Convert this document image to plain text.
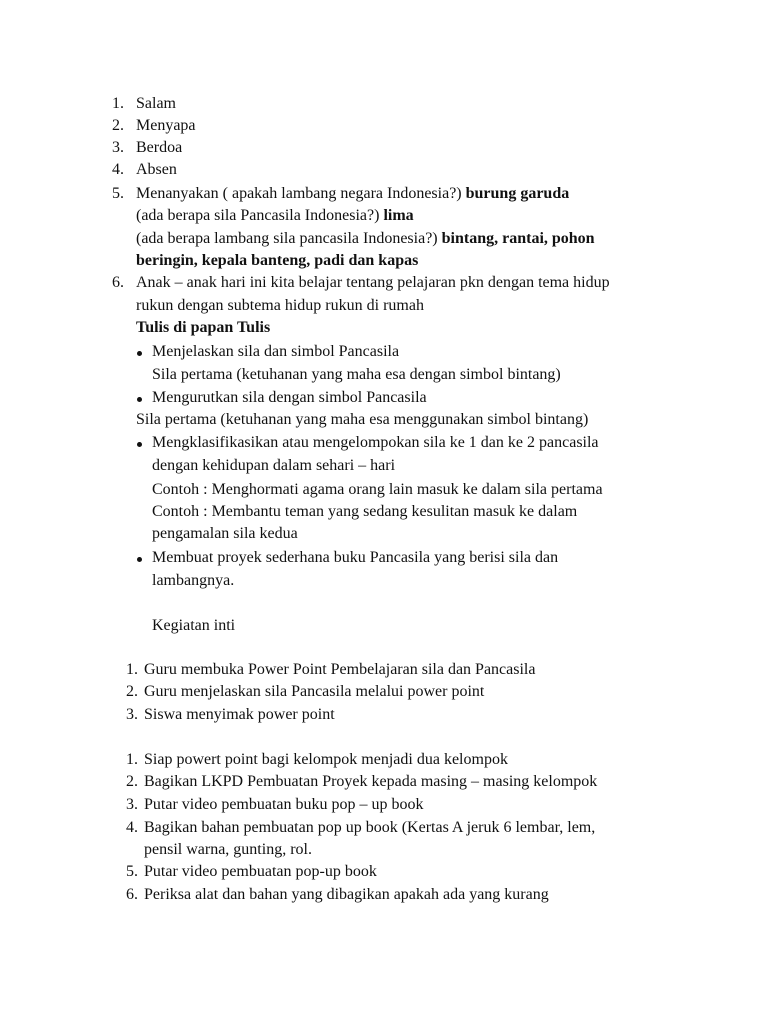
1. Salam
2. Menyapa
3. Berdoa
4. Absen
5. Menanyakan ( apakah lambang negara Indonesia?) burung garuda
(ada berapa sila Pancasila Indonesia?) lima
(ada berapa lambang sila pancasila Indonesia?) bintang, rantai, pohon
beringin, kepala banteng, padi dan kapas
6. Anak – anak hari ini kita belajar tentang pelajaran pkn dengan tema hidup
rukun dengan subtema hidup rukun di rumah
Tulis di papan Tulis
Menjelaskan sila dan simbol Pancasila
Sila pertama (ketuhanan yang maha esa dengan simbol bintang)
Mengurutkan sila dengan simbol Pancasila
Sila pertama (ketuhanan yang maha esa menggunakan simbol bintang)
Mengklasifikasikan atau mengelompokan sila ke 1 dan ke 2 pancasila
dengan kehidupan dalam sehari – hari
Contoh : Menghormati agama orang lain masuk ke dalam sila pertama
Contoh : Membantu teman yang sedang kesulitan masuk ke dalam
pengamalan sila kedua
Membuat proyek sederhana buku Pancasila yang berisi sila dan
lambangnya.
Kegiatan inti
1. Guru membuka Power Point Pembelajaran sila dan Pancasila
2. Guru menjelaskan sila Pancasila melalui power point
3. Siswa menyimak power point
1. Siap powert point bagi kelompok menjadi dua kelompok
2. Bagikan LKPD Pembuatan Proyek kepada masing – masing kelompok
3. Putar video pembuatan buku pop – up book
4. Bagikan bahan pembuatan pop up book (Kertas A jeruk 6 lembar, lem,
pensil warna, gunting, rol.
5. Putar video pembuatan pop-up book
6. Periksa alat dan bahan yang dibagikan apakah ada yang kurang
